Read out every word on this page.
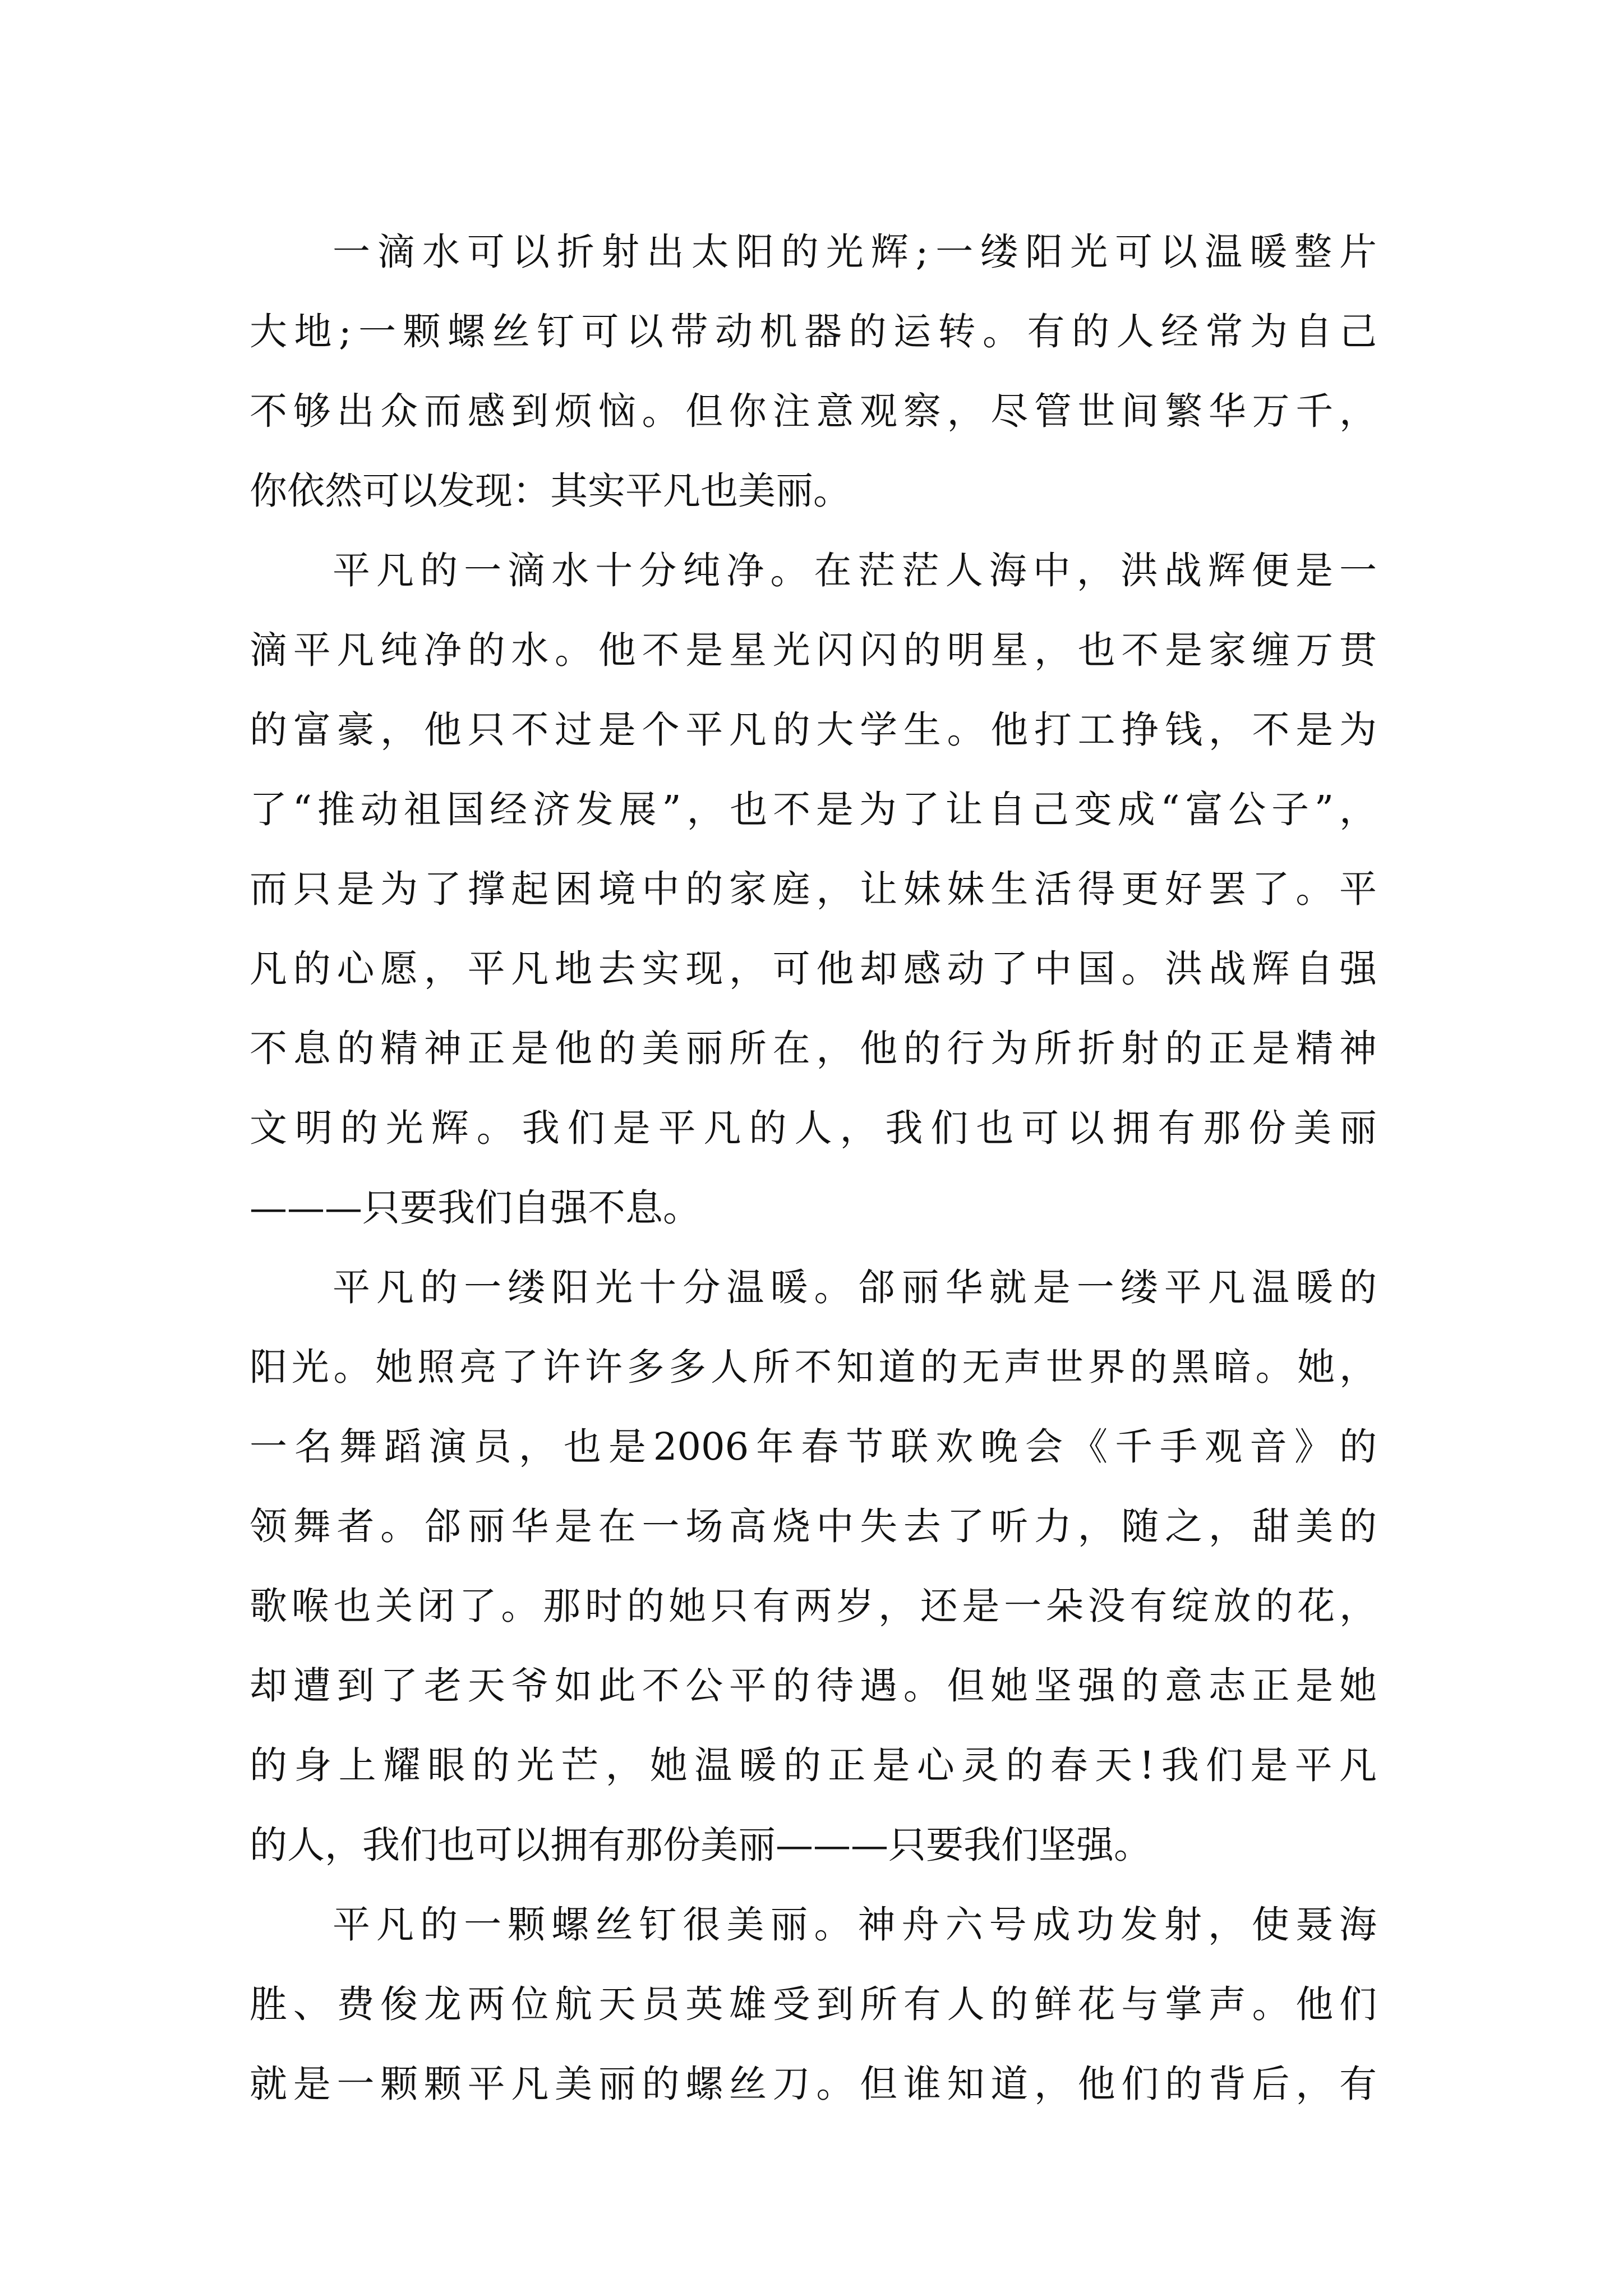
一滴水可以折射出太阳的光辉;一缕阳光可以温暖整片
大地;一颗螺丝钉可以带动机器的运转。有的人经常为自己
不够出众而感到烦恼。但你注意观察，尽管世间繁华万千，
你依然可以发现：其实平凡也美丽。
平凡的一滴水十分纯净。在茫茫人海中，洪战辉便是一
滴平凡纯净的水。他不是星光闪闪的明星，也不是家缠万贯
的富豪，他只不过是个平凡的大学生。他打工挣钱，不是为
了“推动祖国经济发展”，也不是为了让自己变成“富公子”，
而只是为了撑起困境中的家庭，让妹妹生活得更好罢了。平
凡的心愿，平凡地去实现，可他却感动了中国。洪战辉自强
不息的精神正是他的美丽所在，他的行为所折射的正是精神
文明的光辉。我们是平凡的人，我们也可以拥有那份美丽
———只要我们自强不息。
平凡的一缕阳光十分温暖。郃丽华就是一缕平凡温暖的
阳光。她照亮了许许多多人所不知道的无声世界的黑暗。她，
一名舞蹈演员，也是2006年春节联欢晚会《千手观音》的
领舞者。郃丽华是在一场高烧中失去了听力，随之，甜美的
歌喉也关闭了。那时的她只有两岁，还是一朵没有绽放的花，
却遭到了老天爷如此不公平的待遇。但她坚强的意志正是她
的身上耀眼的光芒，她温暖的正是心灵的春天!我们是平凡
的人，我们也可以拥有那份美丽———只要我们坚强。
平凡的一颗螺丝钉很美丽。神舟六号成功发射，使聂海
胜、费俊龙两位航天员英雄受到所有人的鲜花与掌声。他们
就是一颗颗平凡美丽的螺丝刀。但谁知道，他们的背后，有
